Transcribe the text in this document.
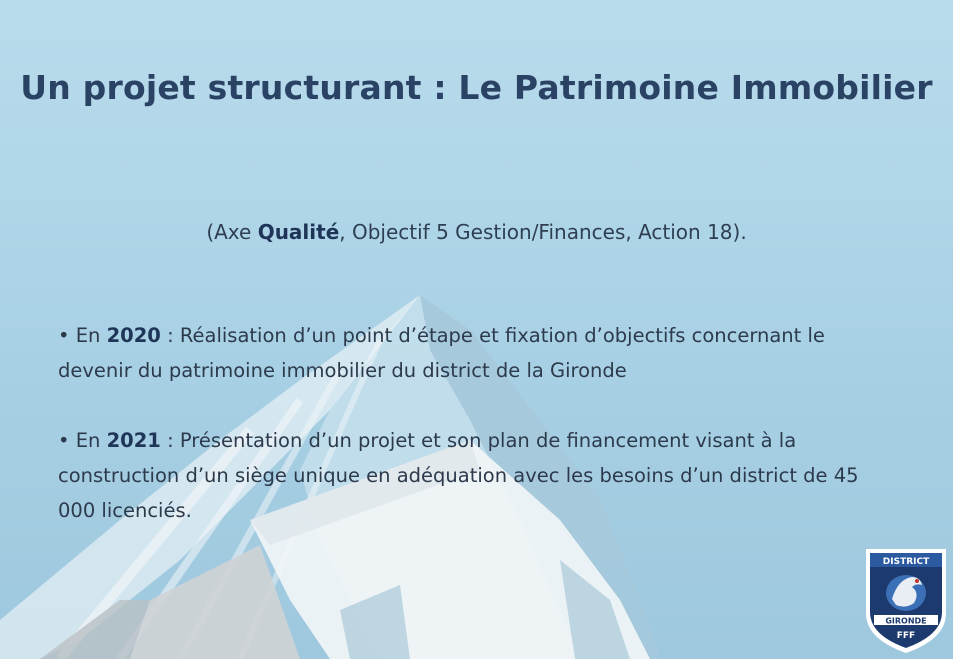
Un projet structurant : Le Patrimoine Immobilier

(Axe Qualité, Objectif 5 Gestion/Finances, Action 18).

• En 2020 : Réalisation d’un point d’étape et fixation d’objectifs concernant le devenir du patrimoine immobilier du district de la Gironde

• En 2021 : Présentation d’un projet et son plan de financement visant à la construction d’un siège unique en adéquation avec les besoins d’un district de 45 000 licenciés.

DISTRICT
GIRONDE
FFF
